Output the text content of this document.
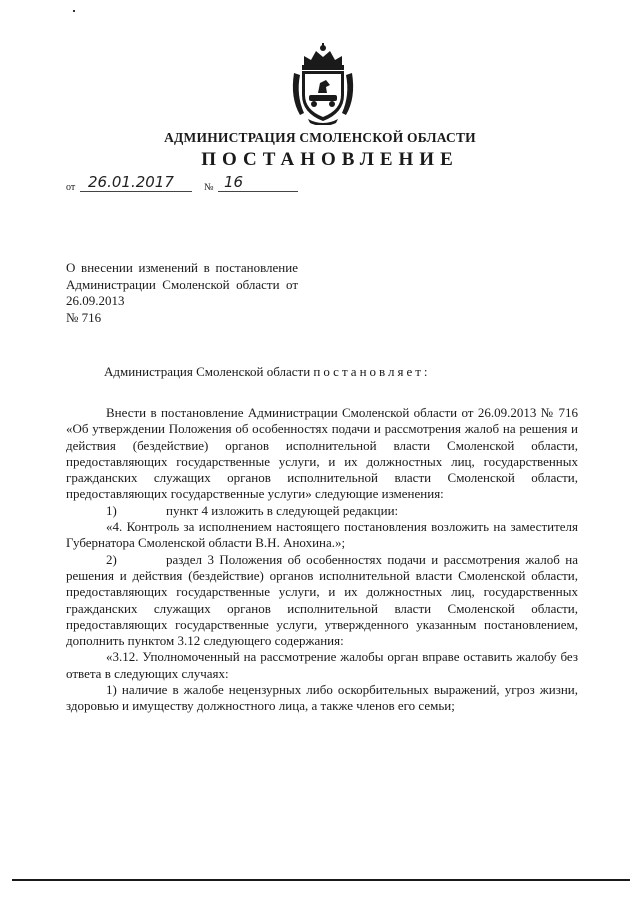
АДМИНИСТРАЦИЯ СМОЛЕНСКОЙ ОБЛАСТИ
ПОСТАНОВЛЕНИЕ
от 26.01.2017	№ 16
О внесении изменений в постановление Администрации Смоленской области от 26.09.2013
№ 716
Администрация Смоленской области постановляет:

Внести в постановление Администрации Смоленской области от 26.09.2013 № 716 «Об утверждении Положения об особенностях подачи и рассмотрения жалоб на решения и действия (бездействие) органов исполнительной власти Смоленской области, предоставляющих государственные услуги, и их должностных лиц, государственных гражданских служащих органов исполнительной власти Смоленской области, предоставляющих государственные услуги» следующие изменения:

1)	пункт 4 изложить в следующей редакции:

«4. Контроль за исполнением настоящего постановления возложить на заместителя Губернатора Смоленской области В.Н. Анохина.»;

2)	раздел 3 Положения об особенностях подачи и рассмотрения жалоб на решения и действия (бездействие) органов исполнительной власти Смоленской области, предоставляющих государственные услуги, и их должностных лиц, государственных гражданских служащих органов исполнительной власти Смоленской области, предоставляющих государственные услуги, утвержденного указанным постановлением, дополнить пунктом 3.12 следующего содержания:

«3.12. Уполномоченный на рассмотрение жалобы орган вправе оставить жалобу без ответа в следующих случаях:

1) наличие в жалобе нецензурных либо оскорбительных выражений, угроз жизни, здоровью и имуществу должностного лица, а также членов его семьи;
